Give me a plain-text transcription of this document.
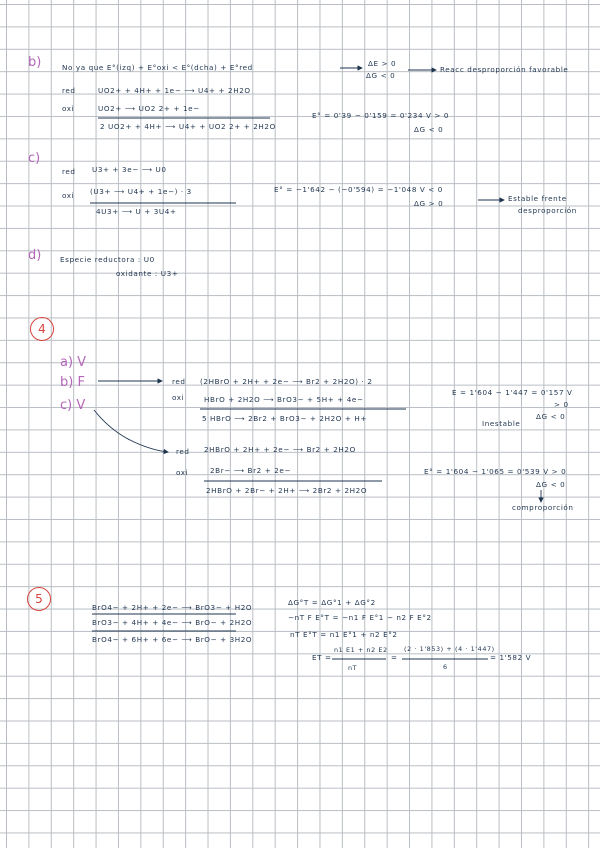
b)	No ya que E°(izq) + E°oxi < E°(dcha) + E°red	ΔE > 0
ΔG < 0
Reacc desproporción favorable
red	UO2+ + 4H+ + 1e− ⟶ U4+ + 2H2O
oxi	UO2+ ⟶ UO2 2+ + 1e−
2 UO2+ + 4H+ ⟶ U4+ + UO2 2+ + 2H2O
E° = 0'39 − 0'159 = 0'234 V > 0
ΔG < 0
c)
red U3+ + 3e− ⟶ U0
oxi (U3+ ⟶ U4+ + 1e−) · 3
4U3+ ⟶ U + 3U4+
E° = −1'642 − (−0'594) = −1'048 V < 0
ΔG > 0
Estable frente
desproporción
d)	Especie reductora : U0
oxidante : U3+
4
a) V
b) F
c) V
red (2HBrO + 2H+ + 2e− ⟶ Br2 + 2H2O) · 2
oxi	HBrO + 2H2O ⟶ BrO3− + 5H+ + 4e−
5 HBrO ⟶ 2Br2 + BrO3− + 2H2O + H+
E = 1'604 − 1'447 = 0'157 V
> 0
Inestable
ΔG < 0
red 2HBrO + 2H+ + 2e− ⟶ Br2 + 2H2O
oxi	2Br− ⟶ Br2 + 2e−
2HBrO + 2Br− + 2H+ ⟶ 2Br2 + 2H2O
E° = 1'604 − 1'065 = 0'539 V > 0
ΔG < 0
comproporción
5
BrO4− + 2H+ + 2e− ⟶ BrO3− + H2O
BrO3− + 4H+ + 4e− ⟶ BrO− + 2H2O
BrO4− + 6H+ + 6e− ⟶ BrO− + 3H2O
ΔG°T = ΔG°1 + ΔG°2
−nT F E°T = −n1 F E°1 − n2 F E°2
nT E°T = n1 E°1 + n2 E°2
ET =
n1 E1 + n2 E2
nT
=
(2 · 1'853) + (4 · 1'447)
6
= 1'582 V
